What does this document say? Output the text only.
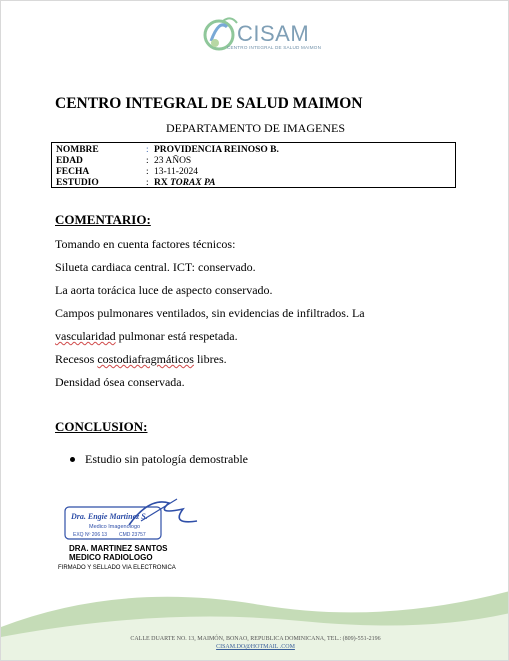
CISAM
CENTRO INTEGRAL DE SALUD MAIMON
CENTRO INTEGRAL DE SALUD MAIMON
DEPARTAMENTO DE IMAGENES
NOMBRE	: PROVIDENCIA REINOSO B.
EDAD	: 23 AÑOS
FECHA	: 13-11-2024
ESTUDIO	: RX TORAX PA
COMENTARIO:
Tomando en cuenta factores técnicos:
Silueta cardiaca central. ICT: conservado.
La aorta torácica luce de aspecto conservado.
Campos pulmonares ventilados, sin evidencias de infiltrados. La
vascularidad pulmonar está respetada.
Recesos costodiafragmáticos libres.
Densidad ósea conservada.
CONCLUSION:
Estudio sin patología demostrable
Dra. Engie Martinez S.
Medico Imagenologo
EXQ Nº 206 13 CMD 23757
DRA. MARTINEZ SANTOS
MEDICO RADIOLOGO
FIRMADO Y SELLADO VIA ELECTRONICA
CALLE DUARTE NO. 13, MAIMÓN, BONAO, REPUBLICA DOMINICANA, TEL.: (809)-551-2196
CISAM.DO@HOTMAIL .COM
